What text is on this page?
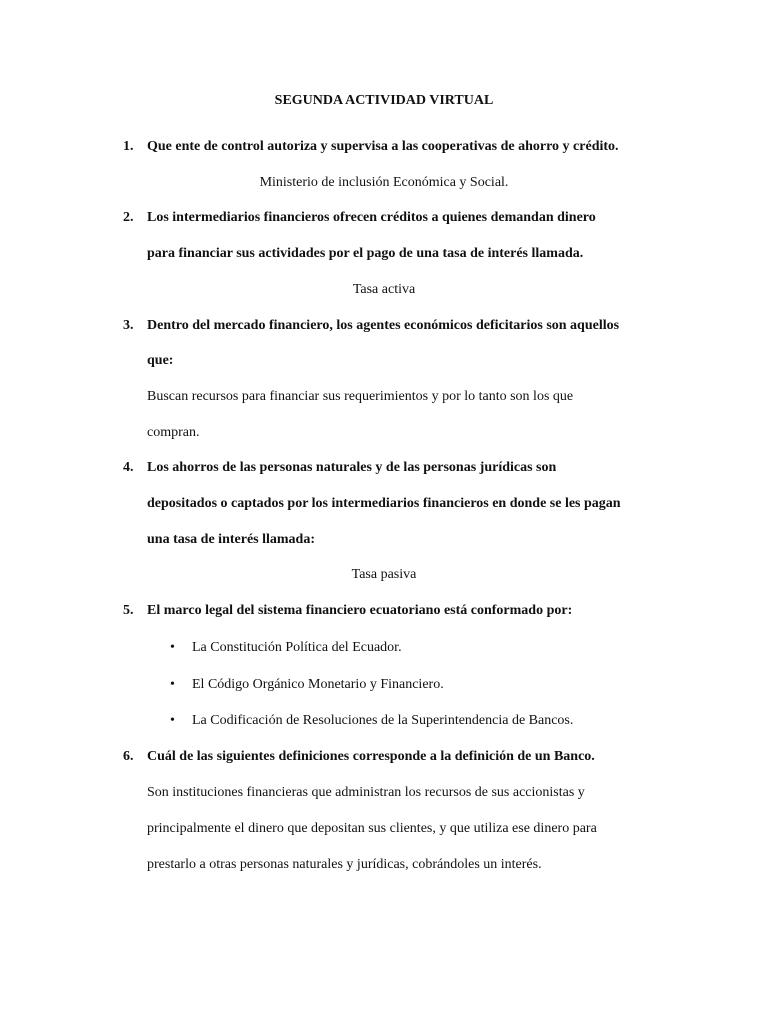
SEGUNDA ACTIVIDAD VIRTUAL
1. Que ente de control autoriza y supervisa a las cooperativas de ahorro y crédito.
Ministerio de inclusión Económica y Social.
2. Los intermediarios financieros ofrecen créditos a quienes demandan dinero
para financiar sus actividades por el pago de una tasa de interés llamada.
Tasa activa
3. Dentro del mercado financiero, los agentes económicos deficitarios son aquellos
que:
Buscan recursos para financiar sus requerimientos y por lo tanto son los que
compran.
4. Los ahorros de las personas naturales y de las personas jurídicas son
depositados o captados por los intermediarios financieros en donde se les pagan
una tasa de interés llamada:
Tasa pasiva
5. El marco legal del sistema financiero ecuatoriano está conformado por:
• La Constitución Política del Ecuador.
• El Código Orgánico Monetario y Financiero.
• La Codificación de Resoluciones de la Superintendencia de Bancos.
6. Cuál de las siguientes definiciones corresponde a la definición de un Banco.
Son instituciones financieras que administran los recursos de sus accionistas y
principalmente el dinero que depositan sus clientes, y que utiliza ese dinero para
prestarlo a otras personas naturales y jurídicas, cobrándoles un interés.
